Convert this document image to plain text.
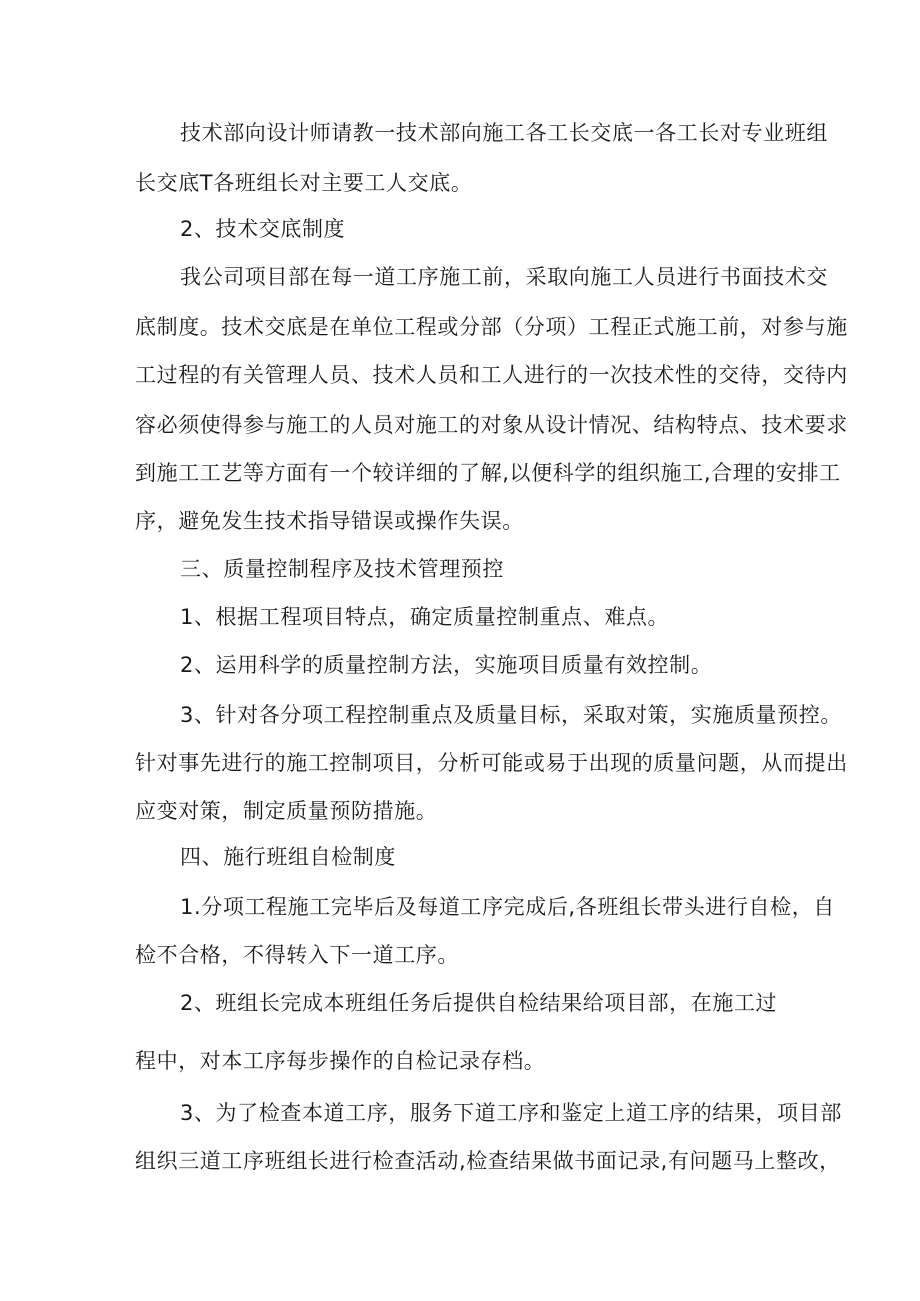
技术部向设计师请教一技术部向施工各工长交底一各工长对专业班组
长交底T各班组长对主要工人交底。
2、技术交底制度
我公司项目部在每一道工序施工前，采取向施工人员进行书面技术交
底制度。技术交底是在单位工程或分部（分项）工程正式施工前，对参与施
工过程的有关管理人员、技术人员和工人进行的一次技术性的交待，交待内
容必须使得参与施工的人员对施工的对象从设计情况、结构特点、技术要求
到施工工艺等方面有一个较详细的了解,以便科学的组织施工,合理的安排工
序，避免发生技术指导错误或操作失误。
三、质量控制程序及技术管理预控
1、根据工程项目特点，确定质量控制重点、难点。
2、运用科学的质量控制方法，实施项目质量有效控制。
3、针对各分项工程控制重点及质量目标，采取对策，实施质量预控。
针对事先进行的施工控制项目，分析可能或易于出现的质量问题，从而提出
应变对策，制定质量预防措施。
四、施行班组自检制度
1.分项工程施工完毕后及每道工序完成后,各班组长带头进行自检，自
检不合格，不得转入下一道工序。
2、班组长完成本班组任务后提供自检结果给项目部，在施工过
程中，对本工序每步操作的自检记录存档。
3、为了检查本道工序，服务下道工序和鉴定上道工序的结果，项目部
组织三道工序班组长进行检查活动,检查结果做书面记录,有问题马上整改，
